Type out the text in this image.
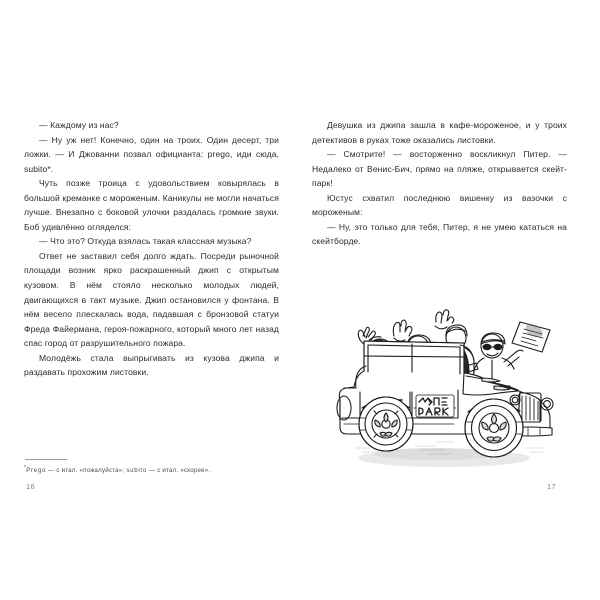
— Каждому из нас?

— Ну уж нет! Конечно, один на троих. Один десерт, три ложки. — И Джованни позвал официанта: prego, иди сюда, subito*.

Чуть позже троица с удовольствием ковырялась в большой креманке с мороженым. Каникулы не могли начаться лучше. Внезапно с боковой улочки раздалась громкие звуки. Боб удивлённо огляделся:

— Что это? Откуда взялась такая классная музыка?

Ответ не заставил себя долго ждать. Посреди рыночной площади возник ярко раскрашенный джип с открытым кузовом. В нём стояло несколько молодых людей, двигающихся в такт музыке. Джип остановился у фонтана. В нём весело плескалась вода, падавшая с бронзовой статуи Фреда Файермана, героя-пожарного, который много лет назад спас город от разрушительного пожара.

Молодёжь стала выпрыгивать из кузова джипа и раздавать прохожим листовки.

*Prego — с итал. «пожалуйста»; subito — с итал. «скорее».
16

Девушка из джипа зашла в кафе-мороженое, и у троих детективов в руках тоже оказались листовки.

— Смотрите! — восторженно воскликнул Питер. — Недалеко от Венис-Бич, прямо на пляже, открывается скейт-парк!

Юстус схватил последнюю вишенку из вазочки с мороженым:

— Ну, это только для тебя, Питер, я не умею кататься на скейтборде.

17
